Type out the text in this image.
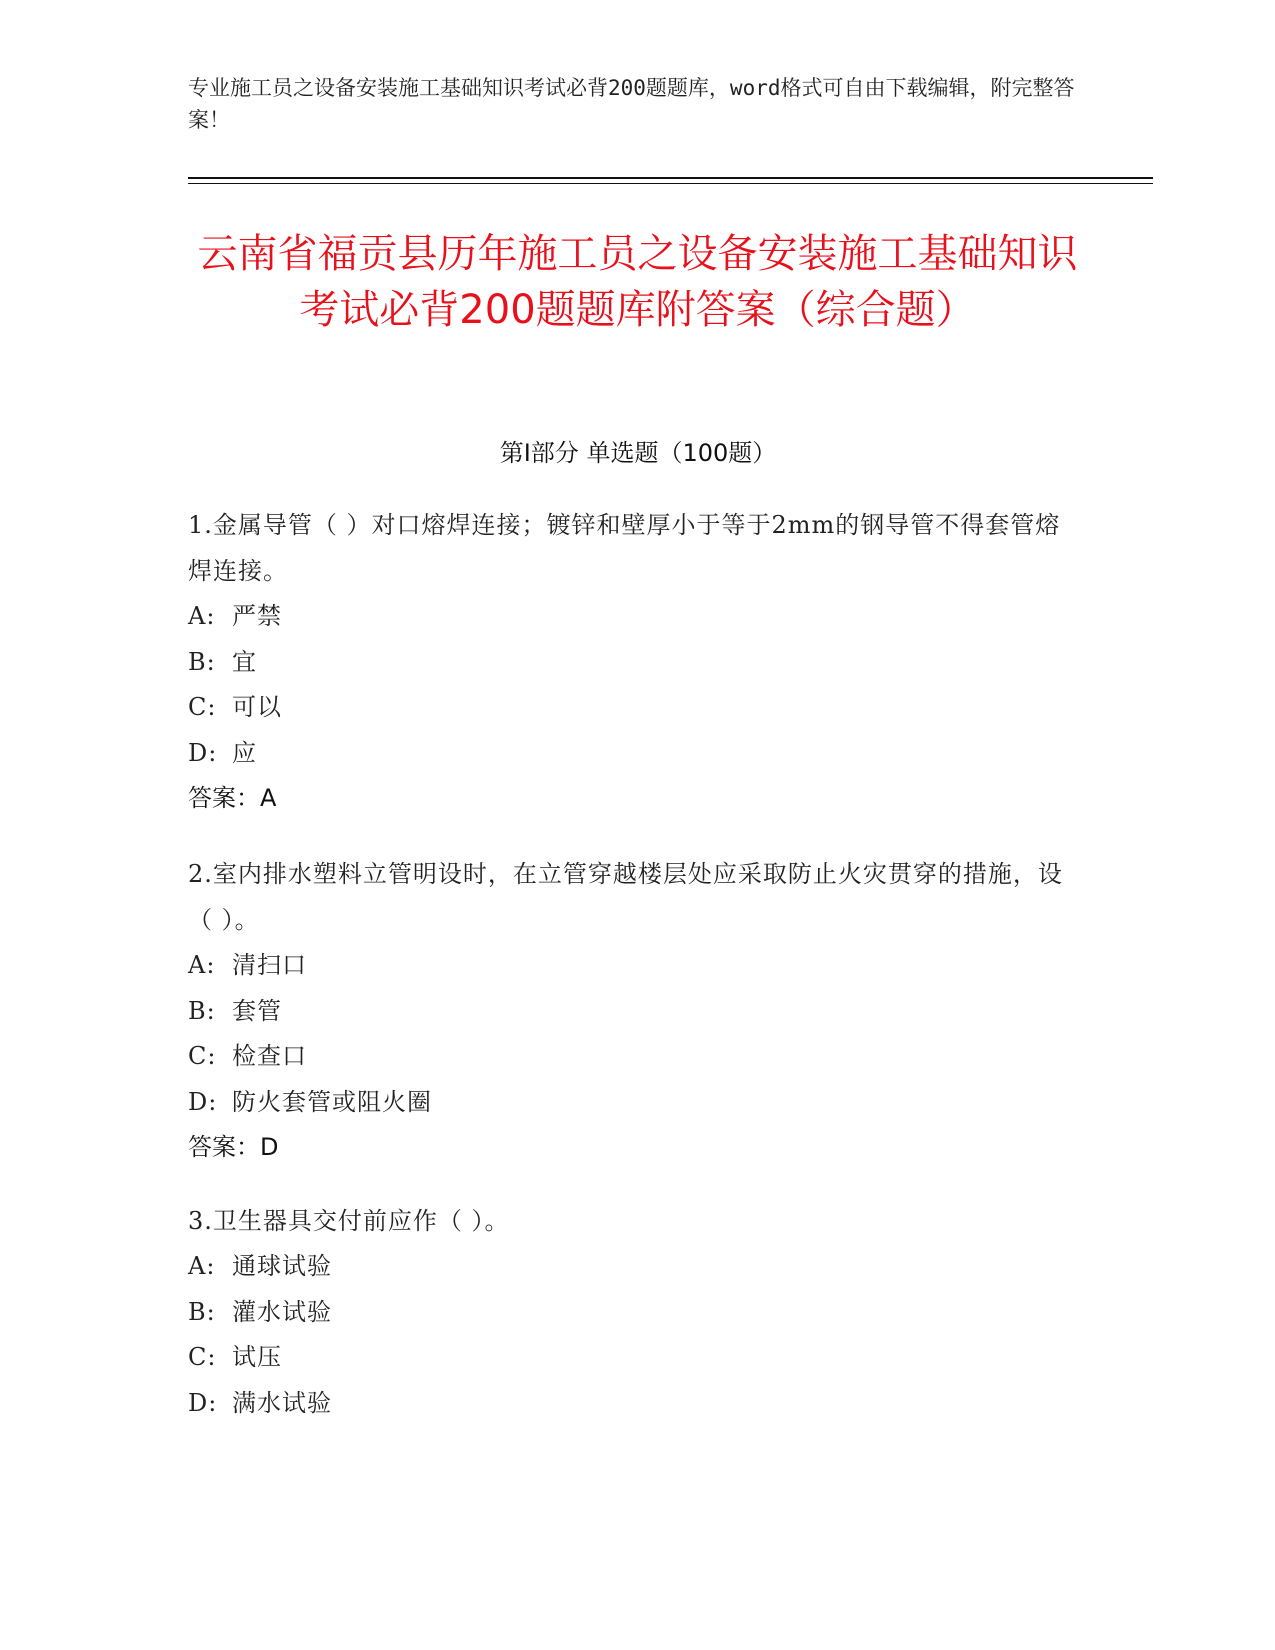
专业施工员之设备安装施工基础知识考试必背200题题库，word格式可自由下载编辑，附完整答案！
云南省福贡县历年施工员之设备安装施工基础知识考试必背200题题库附答案（综合题）
第Ⅰ部分 单选题（100题）
1.金属导管（ ）对口熔焊连接；镀锌和壁厚小于等于2mm的钢导管不得套管熔焊连接。
A: 严禁
B: 宜
C: 可以
D: 应
答案：A
2.室内排水塑料立管明设时，在立管穿越楼层处应采取防止火灾贯穿的措施，设（ ）。
A: 清扫口
B: 套管
C: 检查口
D: 防火套管或阻火圈
答案：D
3.卫生器具交付前应作（ ）。
A: 通球试验
B: 灌水试验
C: 试压
D: 满水试验
